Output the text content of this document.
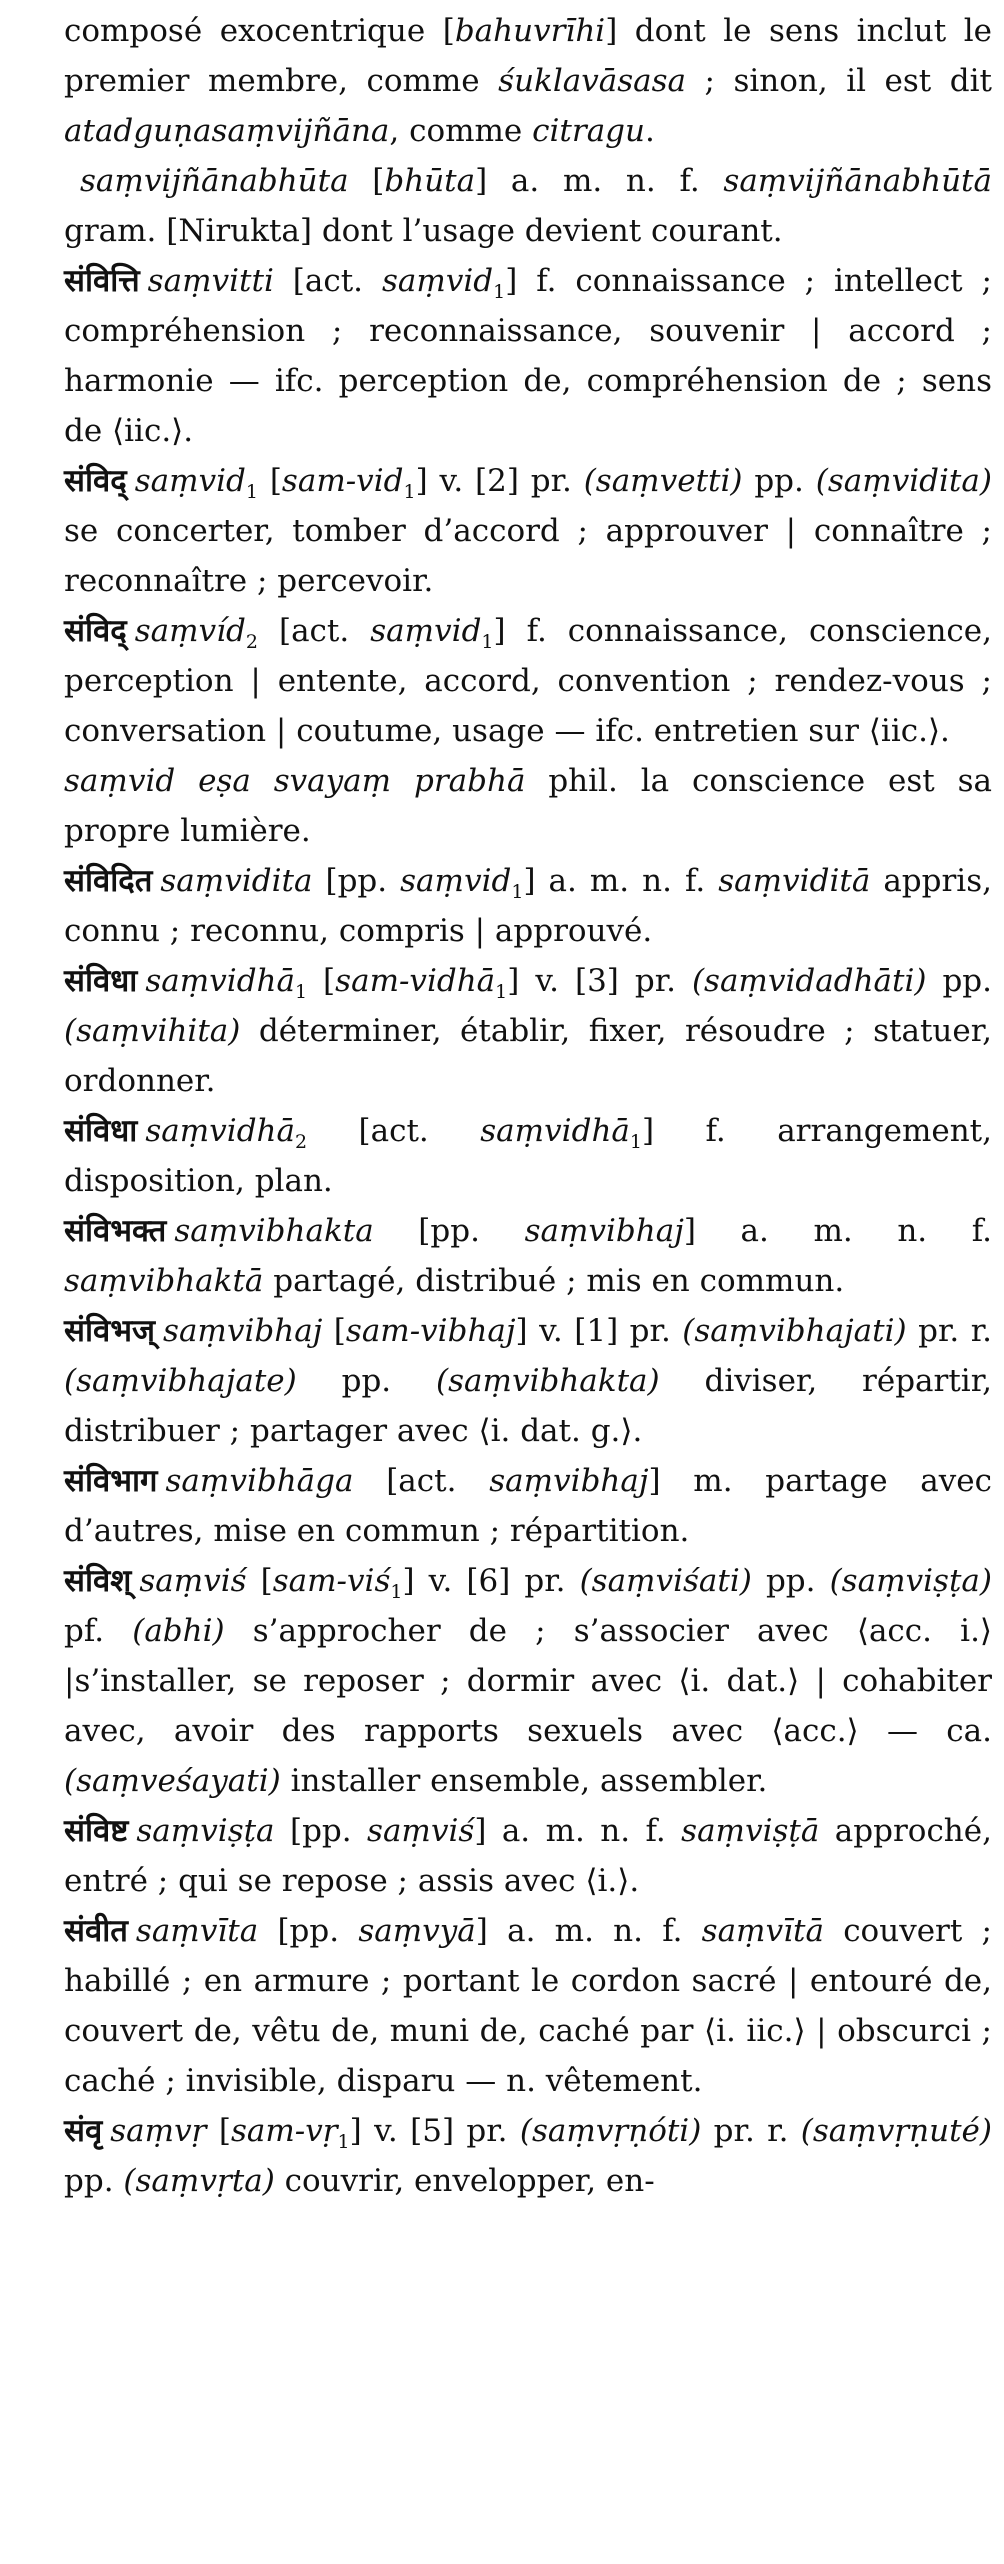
composé exocentrique [bahuvrīhi] dont le sens inclut le premier membre, comme śuklavāsasa ; sinon, il est dit atadguṇasaṃvijñāna, comme citragu.

saṃvijñānabhūta [bhūta] a. m. n. f. saṃvijñānabhūtā gram. [Nirukta] dont l’usage devient courant.

संवित्ति saṃvitti [act. saṃvid$_1$] f. connaissance ; intellect ; compréhension ; reconnaissance, souvenir | accord ; harmonie — ifc. perception de, compréhension de ; sens de ⟨iic.⟩.

संविद् saṃvid$_1$ [sam-vid$_1$] v. [2] pr. (saṃvetti) pp. (saṃvidita) se concerter, tomber d’accord ; approuver | connaître ; reconnaître ; percevoir.

संविद् saṃvíd$_2$ [act. saṃvid$_1$] f. connaissance, conscience, perception | entente, accord, convention ; rendez-vous ; conversation | coutume, usage — ifc. entretien sur ⟨iic.⟩.

saṃvid eṣa svayaṃ prabhā phil. la conscience est sa propre lumière.

संविदित saṃvidita [pp. saṃvid$_1$] a. m. n. f. saṃviditā appris, connu ; reconnu, compris | approuvé.

संविधा saṃvidhā$_1$ [sam-vidhā$_1$] v. [3] pr. (saṃvidadhāti) pp. (saṃvihita) déterminer, établir, fixer, résoudre ; statuer, ordonner.

संविधा saṃvidhā$_2$ [act. saṃvidhā$_1$] f. arrangement, disposition, plan.

संविभक्त saṃvibhakta [pp. saṃvibhaj] a. m. n. f. saṃvibhaktā partagé, distribué ; mis en commun.

संविभज् saṃvibhaj [sam-vibhaj] v. [1] pr. (saṃvibhajati) pr. r. (saṃvibhajate) pp. (saṃvibhakta) diviser, répartir, distribuer ; partager avec ⟨i. dat. g.⟩.

संविभाग saṃvibhāga [act. saṃvibhaj] m. partage avec d’autres, mise en commun ; répartition.

संविश् saṃviś [sam-viś$_1$] v. [6] pr. (saṃviśati) pp. (saṃviṣṭa) pf. (abhi) s’approcher de ; s’associer avec ⟨acc. i.⟩ |s’installer, se reposer ; dormir avec ⟨i. dat.⟩ | cohabiter avec, avoir des rapports sexuels avec ⟨acc.⟩ — ca. (saṃveśayati) installer ensemble, assembler.

संविष्ट saṃviṣṭa [pp. saṃviś] a. m. n. f. saṃviṣṭā approché, entré ; qui se repose ; assis avec ⟨i.⟩.

संवीत saṃvīta [pp. saṃvyā] a. m. n. f. saṃvītā couvert ; habillé ; en armure ; portant le cordon sacré | entouré de, couvert de, vêtu de, muni de, caché par ⟨i. iic.⟩ | obscurci ; caché ; invisible, disparu — n. vêtement.

संवृ saṃvṛ [sam-vṛ$_1$] v. [5] pr. (saṃvṛṇóti) pr. r. (saṃvṛṇuté) pp. (saṃvṛta) couvrir, envelopper, en-
